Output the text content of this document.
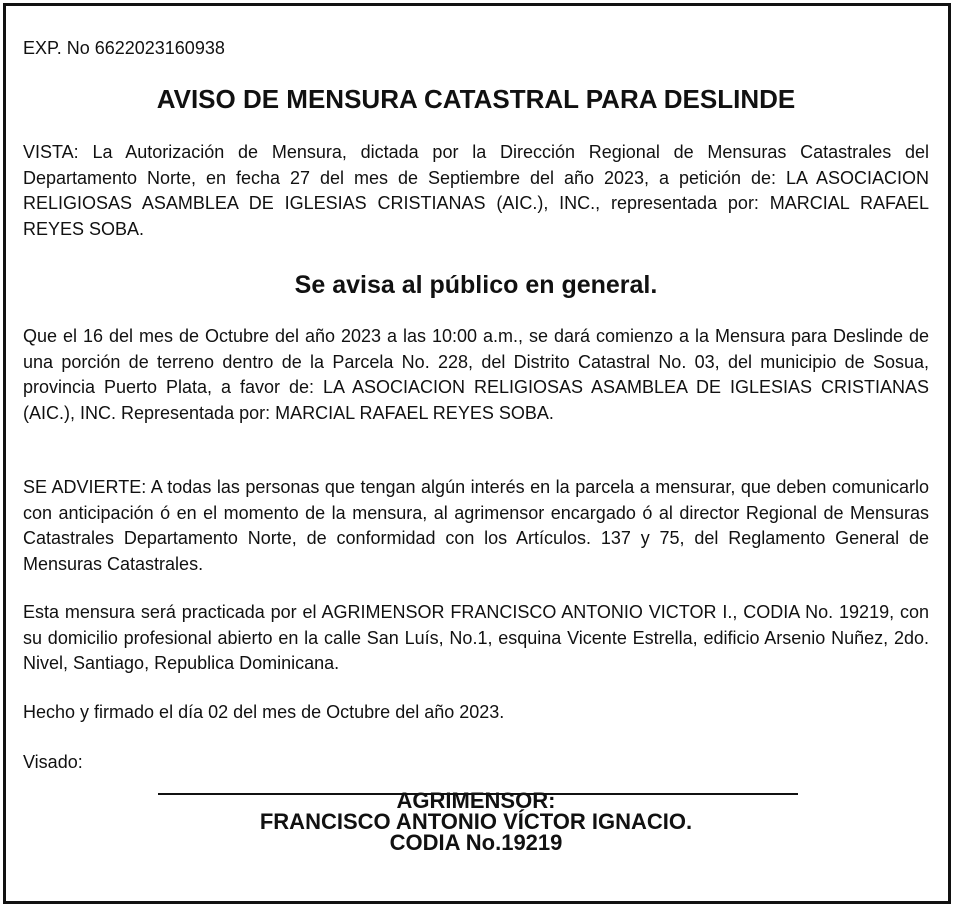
EXP. No 6622023160938
AVISO DE MENSURA CATASTRAL PARA DESLINDE
VISTA: La Autorización de Mensura, dictada por la Dirección Regional de Mensuras Catastrales del Departamento Norte, en fecha 27 del mes de Septiembre del año 2023, a petición de: LA ASOCIACION RELIGIOSAS ASAMBLEA DE IGLESIAS CRISTIANAS (AIC.), INC., representada por: MARCIAL RAFAEL REYES SOBA.
Se avisa al público en general.
Que el 16 del mes de Octubre del año 2023 a las 10:00 a.m., se dará comienzo a la Mensura para Deslinde de una porción de terreno dentro de la Parcela No. 228, del Distrito Catastral No. 03, del municipio de Sosua, provincia Puerto Plata, a favor de: LA ASOCIACION RELIGIOSAS ASAMBLEA DE IGLESIAS CRISTIANAS (AIC.), INC. Representada por: MARCIAL RAFAEL REYES SOBA.
SE ADVIERTE: A todas las personas que tengan algún interés en la parcela a mensurar, que deben comunicarlo con anticipación ó en el momento de la mensura, al agrimensor encargado ó al director Regional de Mensuras Catastrales Departamento Norte, de conformidad con los Artículos. 137 y 75, del Reglamento General de Mensuras Catastrales.
Esta mensura será practicada por el AGRIMENSOR FRANCISCO ANTONIO VICTOR I., CODIA No. 19219, con su domicilio profesional abierto en la calle San Luís, No.1, esquina Vicente Estrella, edificio Arsenio Nuñez, 2do. Nivel, Santiago, Republica Dominicana.
Hecho y firmado el día 02 del mes de Octubre del año 2023.
Visado:
AGRIMENSOR:
FRANCISCO ANTONIO VÍCTOR IGNACIO.
CODIA No.19219
